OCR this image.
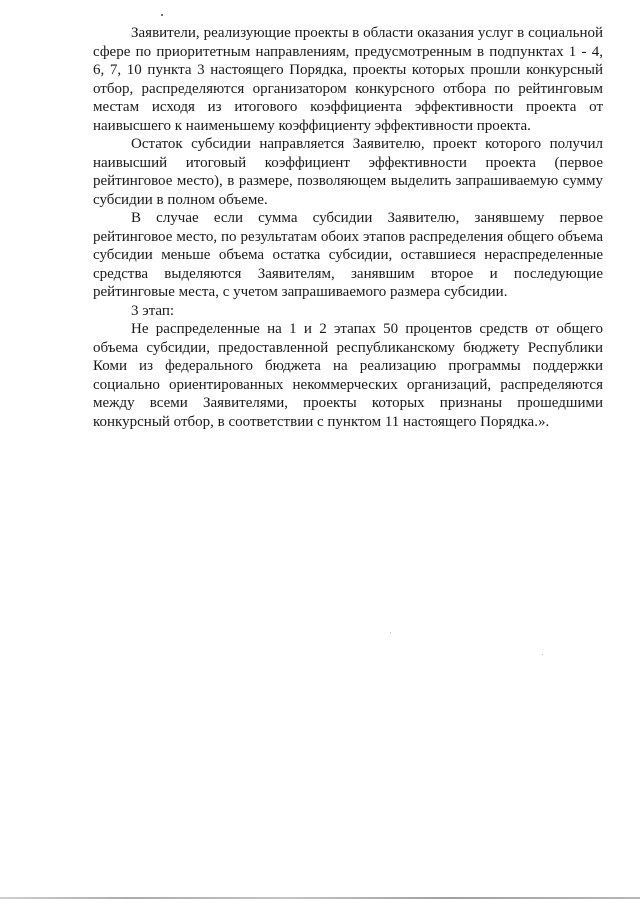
Заявители, реализующие проекты в области оказания услуг в социальной сфере по приоритетным направлениям, предусмотренным в подпунктах 1 - 4, 6, 7, 10 пункта 3 настоящего Порядка, проекты которых прошли конкурсный отбор, распределяются организатором конкурсного отбора по рейтинговым местам исходя из итогового коэффициента эффективности проекта от наивысшего к наименьшему коэффициенту эффективности проекта.

Остаток субсидии направляется Заявителю, проект которого получил наивысший итоговый коэффициент эффективности проекта (первое рейтинговое место), в размере, позволяющем выделить запрашиваемую сумму субсидии в полном объеме.

В случае если сумма субсидии Заявителю, занявшему первое рейтинговое место, по результатам обоих этапов распределения общего объема субсидии меньше объема остатка субсидии, оставшиеся нераспределенные средства выделяются Заявителям, занявшим второе и последующие рейтинговые места, с учетом запрашиваемого размера субсидии.

3 этап:

Не распределенные на 1 и 2 этапах 50 процентов средств от общего объема субсидии, предоставленной республиканскому бюджету Республики Коми из федерального бюджета на реализацию программы поддержки социально ориентированных некоммерческих организаций, распределяются между всеми Заявителями, проекты которых признаны прошедшими конкурсный отбор, в соответствии с пунктом 11 настоящего Порядка.».
